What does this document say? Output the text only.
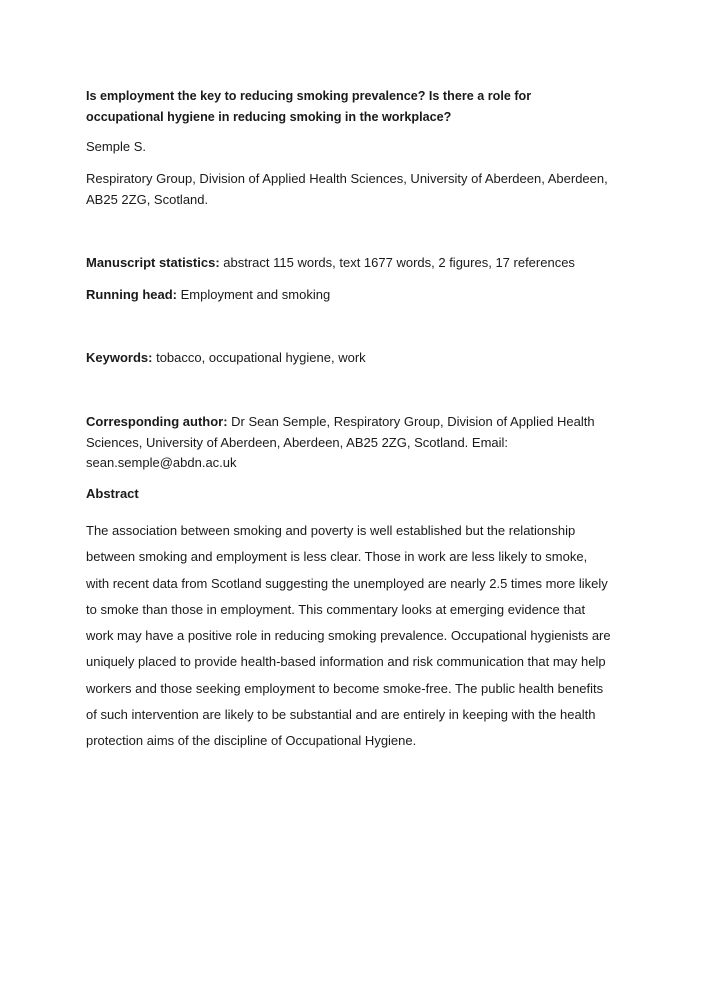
Is employment the key to reducing smoking prevalence? Is there a role for occupational hygiene in reducing smoking in the workplace?
Semple S.
Respiratory Group, Division of Applied Health Sciences, University of Aberdeen, Aberdeen, AB25 2ZG, Scotland.
Manuscript statistics: abstract 115 words, text 1677 words, 2 figures, 17 references
Running head: Employment and smoking
Keywords: tobacco, occupational hygiene, work
Corresponding author: Dr Sean Semple, Respiratory Group, Division of Applied Health Sciences, University of Aberdeen, Aberdeen, AB25 2ZG, Scotland. Email: sean.semple@abdn.ac.uk
Abstract
The association between smoking and poverty is well established but the relationship between smoking and employment is less clear. Those in work are less likely to smoke, with recent data from Scotland suggesting the unemployed are nearly 2.5 times more likely to smoke than those in employment. This commentary looks at emerging evidence that work may have a positive role in reducing smoking prevalence. Occupational hygienists are uniquely placed to provide health-based information and risk communication that may help workers and those seeking employment to become smoke-free. The public health benefits of such intervention are likely to be substantial and are entirely in keeping with the health protection aims of the discipline of Occupational Hygiene.
